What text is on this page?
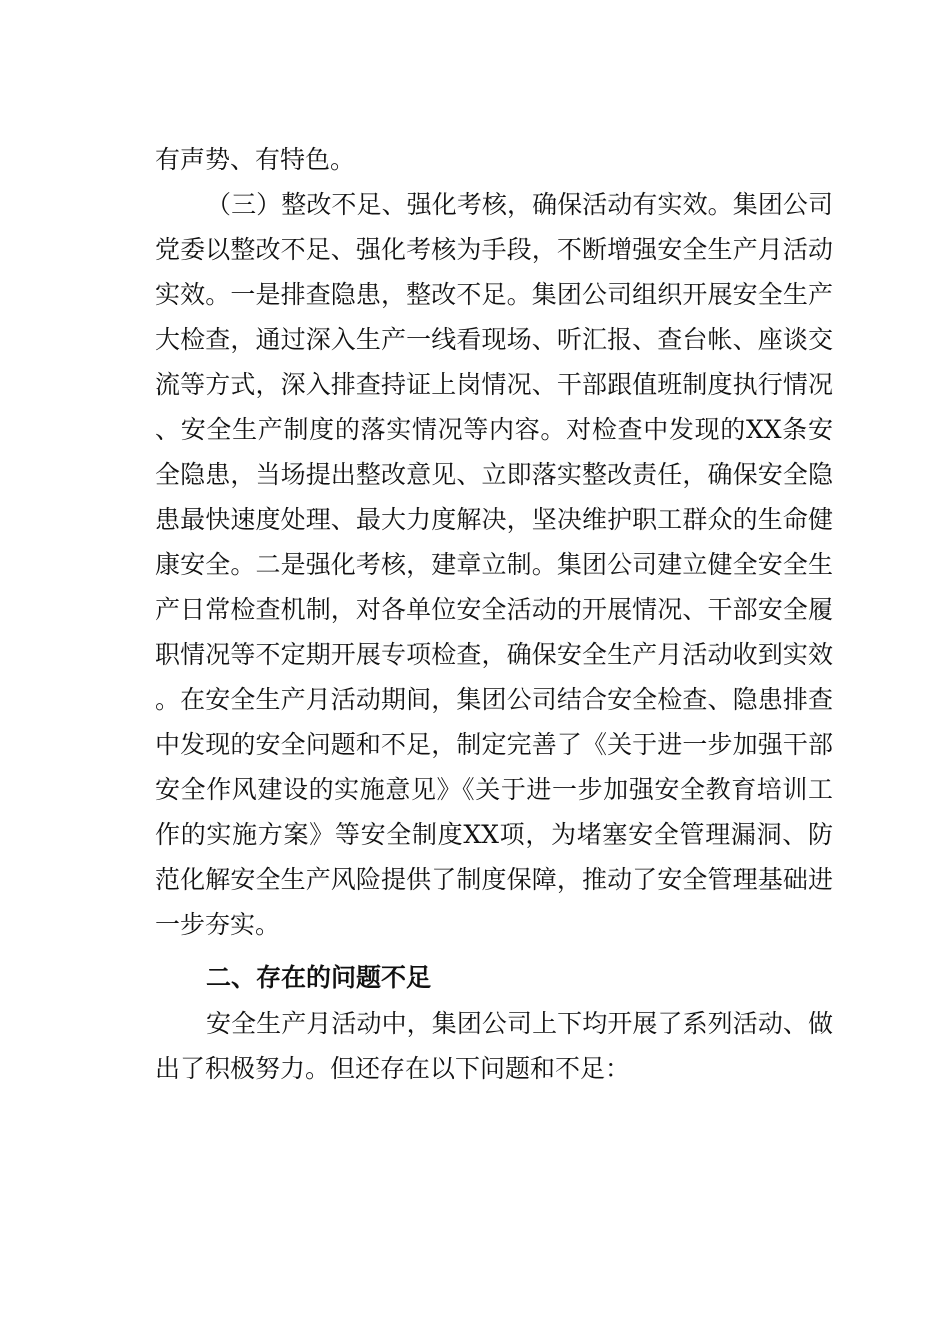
有声势、有特色。

（三）整改不足、强化考核，确保活动有实效。集团公司党委以整改不足、强化考核为手段，不断增强安全生产月活动实效。一是排查隐患，整改不足。集团公司组织开展安全生产大检查，通过深入生产一线看现场、听汇报、查台帐、座谈交流等方式，深入排查持证上岗情况、干部跟值班制度执行情况、安全生产制度的落实情况等内容。对检查中发现的XX条安全隐患，当场提出整改意见、立即落实整改责任，确保安全隐患最快速度处理、最大力度解决，坚决维护职工群众的生命健康安全。二是强化考核，建章立制。集团公司建立健全安全生产日常检查机制，对各单位安全活动的开展情况、干部安全履职情况等不定期开展专项检查，确保安全生产月活动收到实效。在安全生产月活动期间，集团公司结合安全检查、隐患排查中发现的安全问题和不足，制定完善了《关于进一步加强干部安全作风建设的实施意见》《关于进一步加强安全教育培训工作的实施方案》等安全制度XX项，为堵塞安全管理漏洞、防范化解安全生产风险提供了制度保障，推动了安全管理基础进一步夯实。

二、存在的问题不足

安全生产月活动中，集团公司上下均开展了系列活动、做出了积极努力。但还存在以下问题和不足：
